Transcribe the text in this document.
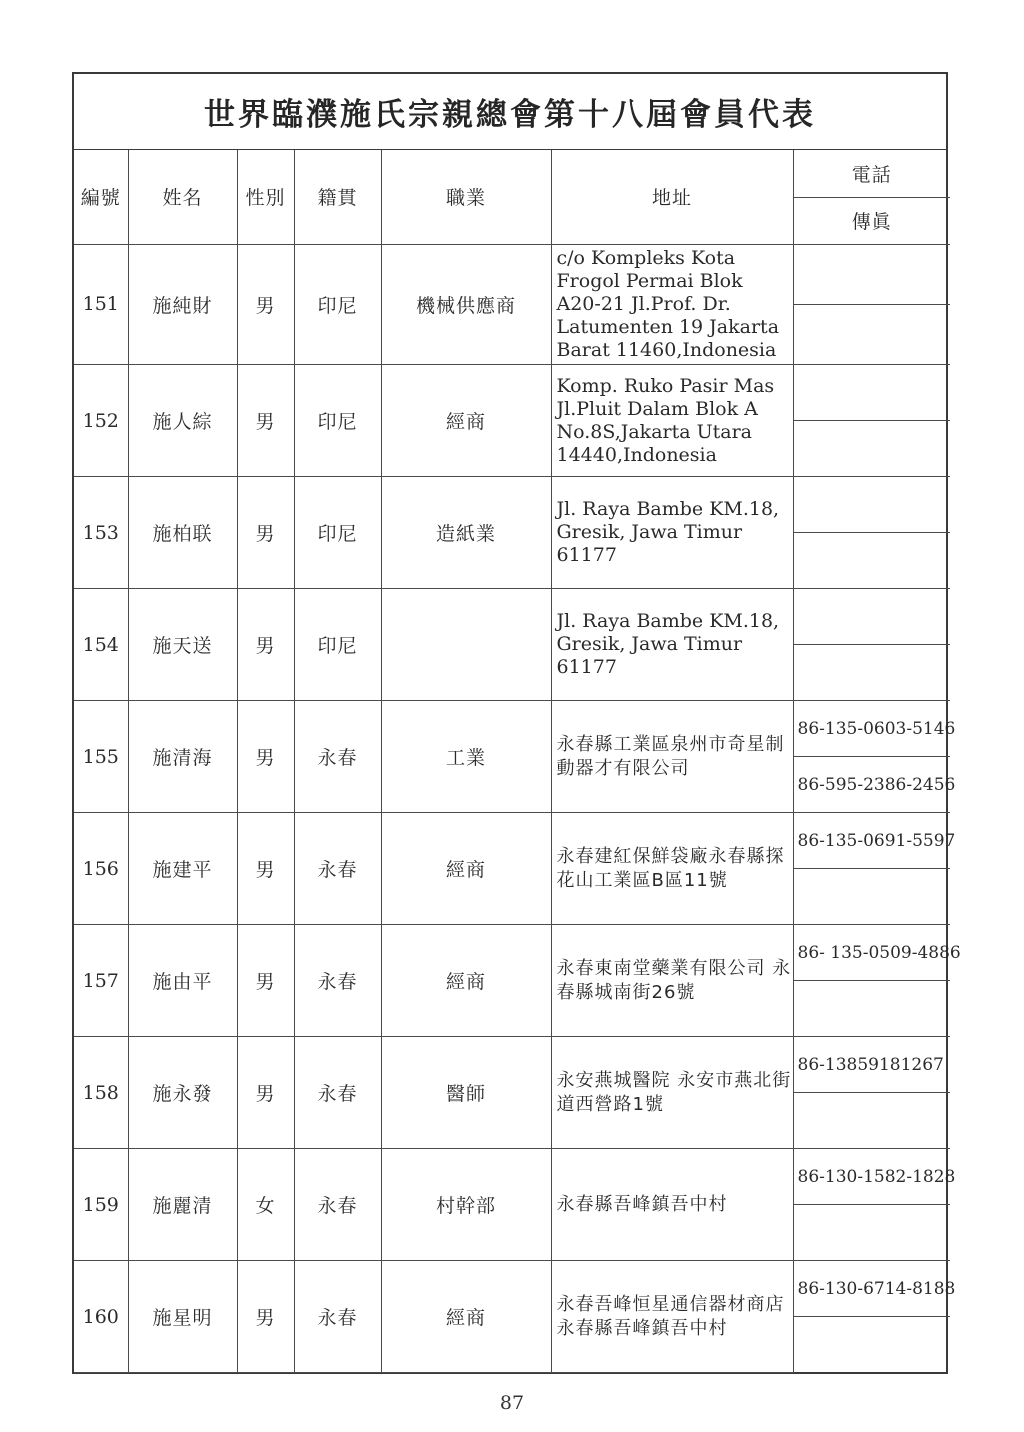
世界臨濮施氏宗親總會第十八屆會員代表
編號	姓名	性別	籍貫	職業	地址	電話
						傳眞
151	施純財	男	印尼	機械供應商	c/o Kompleks Kota Frogol Permai Blok A20-21 Jl.Prof. Dr. Latumenten 19 Jakarta Barat 11460,Indonesia	

152	施人綜	男	印尼	經商	Komp. Ruko Pasir Mas Jl.Pluit Dalam Blok A No.8S,Jakarta Utara 14440,Indonesia	

153	施柏联	男	印尼	造紙業	Jl. Raya Bambe KM.18, Gresik, Jawa Timur 61177	

154	施天送	男	印尼		Jl. Raya Bambe KM.18, Gresik, Jawa Timur 61177	

155	施清海	男	永春	工業	永春縣工業區泉州市奇星制動器才有限公司	86-135-0603-5146
						86-595-2386-2456
156	施建平	男	永春	經商	永春建紅保鮮袋廠永春縣探花山工業區B區11號	86-135-0691-5597

157	施由平	男	永春	經商	永春東南堂藥業有限公司 永春縣城南街26號	86- 135-0509-4886

158	施永發	男	永春	醫師	永安燕城醫院 永安市燕北街道西營路1號	86-13859181267

159	施麗清	女	永春	村幹部	永春縣吾峰鎮吾中村	86-130-1582-1828

160	施星明	男	永春	經商	永春吾峰恒星通信器材商店 永春縣吾峰鎮吾中村	86-130-6714-8188

87
